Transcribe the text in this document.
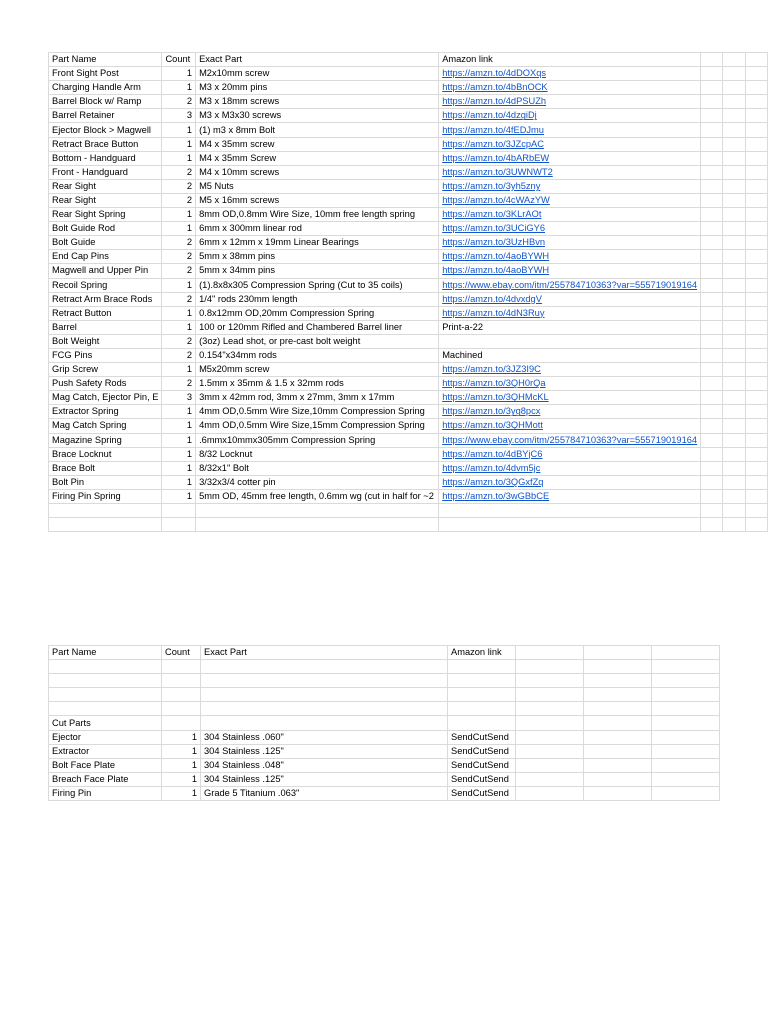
Part Name	Count	Exact Part	Amazon link			
Front Sight Post	1	M2x10mm screw	https://amzn.to/4dDOXqs			
Charging Handle Arm	1	M3 x 20mm pins	https://amzn.to/4bBnOCK			
Barrel Block w/ Ramp	2	M3 x 18mm screws	https://amzn.to/4dPSUZh			
Barrel Retainer	3	M3 x M3x30 screws	https://amzn.to/4dzgiDj			
Ejector Block > Magwell	1	(1) m3 x 8mm Bolt	https://amzn.to/4fEDJmu			
Retract Brace Button	1	M4 x 35mm screw	https://amzn.to/3JZcpAC			
Bottom - Handguard	1	M4 x 35mm Screw	https://amzn.to/4bARbEW			
Front - Handguard	2	M4 x 10mm screws	https://amzn.to/3UWNWT2			
Rear Sight	2	M5 Nuts	https://amzn.to/3yh5zny			
Rear Sight	2	M5 x 16mm screws	https://amzn.to/4cWAzYW			
Rear Sight Spring	1	8mm OD,0.8mm Wire Size, 10mm free length spring	https://amzn.to/3KLrAOt			
Bolt Guide Rod	1	6mm x 300mm linear rod	https://amzn.to/3UCiGY6			
Bolt Guide	2	6mm x 12mm x 19mm Linear Bearings	https://amzn.to/3UzHBvn			
End Cap Pins	2	5mm x 38mm pins	https://amzn.to/4aoBYWH			
Magwell and Upper Pin	2	5mm x 34mm pins	https://amzn.to/4aoBYWH			
Recoil Spring	1	(1).8x8x305 Compression Spring (Cut to 35 coils)	https://www.ebay.com/itm/255784710363?var=555719019164			
Retract Arm Brace Rods	2	1/4" rods 230mm length	https://amzn.to/4dvxdgV			
Retract Button	1	0.8x12mm OD,20mm Compression Spring	https://amzn.to/4dN3Ruy			
Barrel	1	100 or 120mm Rifled and Chambered Barrel liner	Print-a-22			
Bolt Weight	2	(3oz) Lead shot, or pre-cast bolt weight				
FCG Pins	2	0.154"x34mm rods	Machined			
Grip Screw	1	M5x20mm screw	https://amzn.to/3JZ3I9C			
Push Safety Rods	2	1.5mm x 35mm & 1.5 x 32mm rods	https://amzn.to/3QH0rQa			
Mag Catch, Ejector Pin, E	3	3mm x 42mm rod, 3mm x 27mm, 3mm x 17mm	https://amzn.to/3QHMcKL			
Extractor Spring	1	4mm OD,0.5mm Wire Size,10mm Compression Spring	https://amzn.to/3yg8pcx			
Mag Catch Spring	1	4mm OD,0.5mm Wire Size,15mm Compression Spring	https://amzn.to/3QHMott			
Magazine Spring	1	.6mmx10mmx305mm Compression Spring	https://www.ebay.com/itm/255784710363?var=555719019164			
Brace Locknut	1	8/32 Locknut	https://amzn.to/4dBYjC6			
Brace Bolt	1	8/32x1" Bolt	https://amzn.to/4dvm5jc			
Bolt Pin	1	3/32x3/4 cotter pin	https://amzn.to/3QGxfZq			
Firing Pin Spring	1	5mm OD, 45mm free length, 0.6mm wg (cut in half for ~2	https://amzn.to/3wGBbCE			

Part Name	Count	Exact Part	Amazon link			

Cut Parts						
Ejector	1	304 Stainless .060"	SendCutSend			
Extractor	1	304 Stainless .125"	SendCutSend			
Bolt Face Plate	1	304 Stainless .048"	SendCutSend			
Breach Face Plate	1	304 Stainless .125"	SendCutSend			
Firing Pin	1	Grade 5 Titanium .063"	SendCutSend			
